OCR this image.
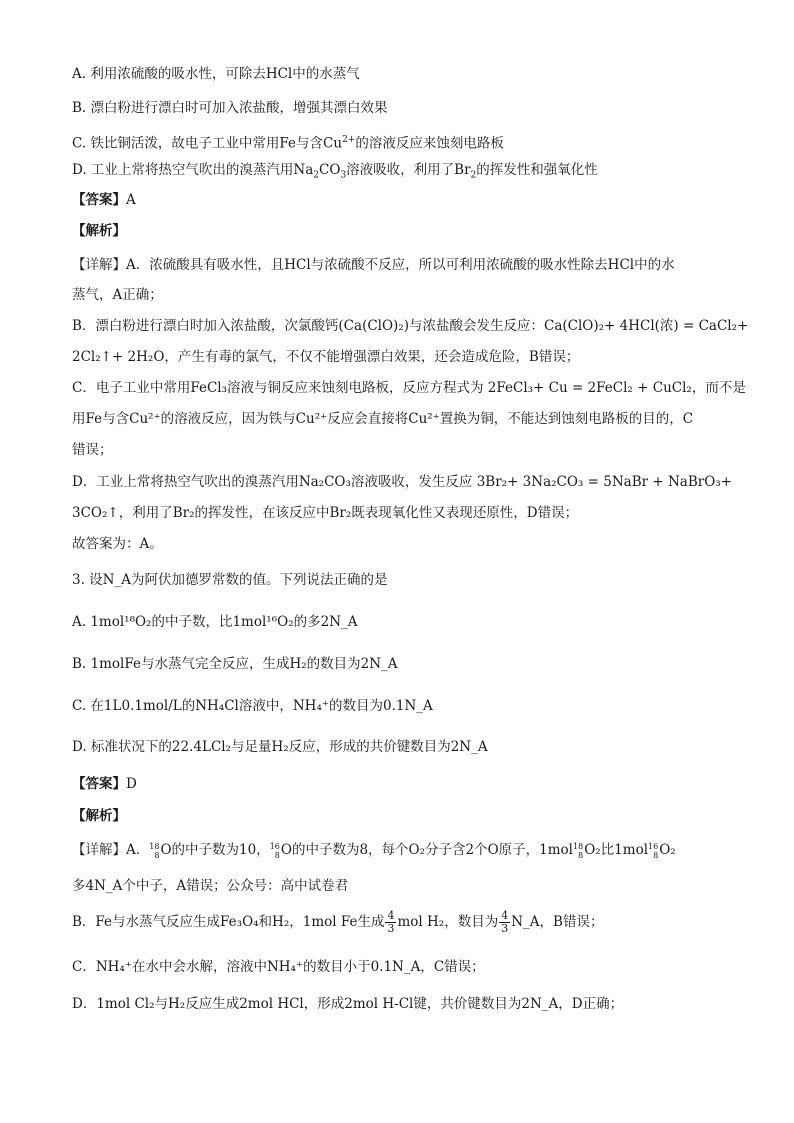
A. 利用浓硫酸的吸水性，可除去HCl中的水蒸气
B. 漂白粉进行漂白时可加入浓盐酸，增强其漂白效果
C. 铁比铜活泼，故电子工业中常用Fe与含$Cu^{2+}$的溶液反应来蚀刻电路板
D. 工业上常将热空气吹出的溴蒸汽用$Na_2CO_3$溶液吸收，利用了$Br_2$的挥发性和强氧化性
【答案】A
【解析】
【详解】A．浓硫酸具有吸水性，且HCl与浓硫酸不反应，所以可利用浓硫酸的吸水性除去HCl中的水
蒸气，A正确；
B．漂白粉进行漂白时加入浓盐酸，次氯酸钙(Ca(ClO)₂)与浓盐酸会发生反应：Ca(ClO)₂+ 4HCl(浓) = CaCl₂+
2Cl₂↑+ 2H₂O，产生有毒的氯气，不仅不能增强漂白效果，还会造成危险，B错误；
C．电子工业中常用FeCl₃溶液与铜反应来蚀刻电路板，反应方程式为 2FeCl₃+ Cu = 2FeCl₂ + CuCl₂，而不是
用Fe与含Cu²⁺的溶液反应，因为铁与Cu²⁺反应会直接将Cu²⁺置换为铜，不能达到蚀刻电路板的目的，C
错误；
D．工业上常将热空气吹出的溴蒸汽用Na₂CO₃溶液吸收，发生反应 3Br₂+ 3Na₂CO₃ = 5NaBr + NaBrO₃+
3CO₂↑，利用了Br₂的挥发性，在该反应中Br₂既表现氧化性又表现还原性，D错误；
故答案为：A。
3. 设N_A为阿伏加德罗常数的值。下列说法正确的是
A. 1mol¹⁸O₂的中子数，比1mol¹⁶O₂的多2N_A
B. 1molFe与水蒸气完全反应，生成H₂的数目为2N_A
C. 在1L0.1mol/L的NH₄Cl溶液中，NH₄⁺的数目为0.1N_A
D. 标准状况下的22.4LCl₂与足量H₂反应，形成的共价键数目为2N_A
【答案】D
【解析】
【详解】A． 18
8 O的中子数为10， 16
8 O的中子数为8，每个O₂分子含2个O原子，1mol 18
8 O₂比1mol 16
8 O₂
多4N_A个中子，A错误；公众号：高中试卷君
B．Fe与水蒸气反应生成Fe₃O₄和H₂，1mol Fe生成 $\frac{4}{3}$ mol H₂，数目为 $\frac{4}{3}$ N_A，B错误；
C．NH₄⁺在水中会水解，溶液中NH₄⁺的数目小于0.1N_A，C错误；
D．1mol Cl₂与H₂反应生成2mol HCl，形成2mol H-Cl键，共价键数目为2N_A，D正确；
